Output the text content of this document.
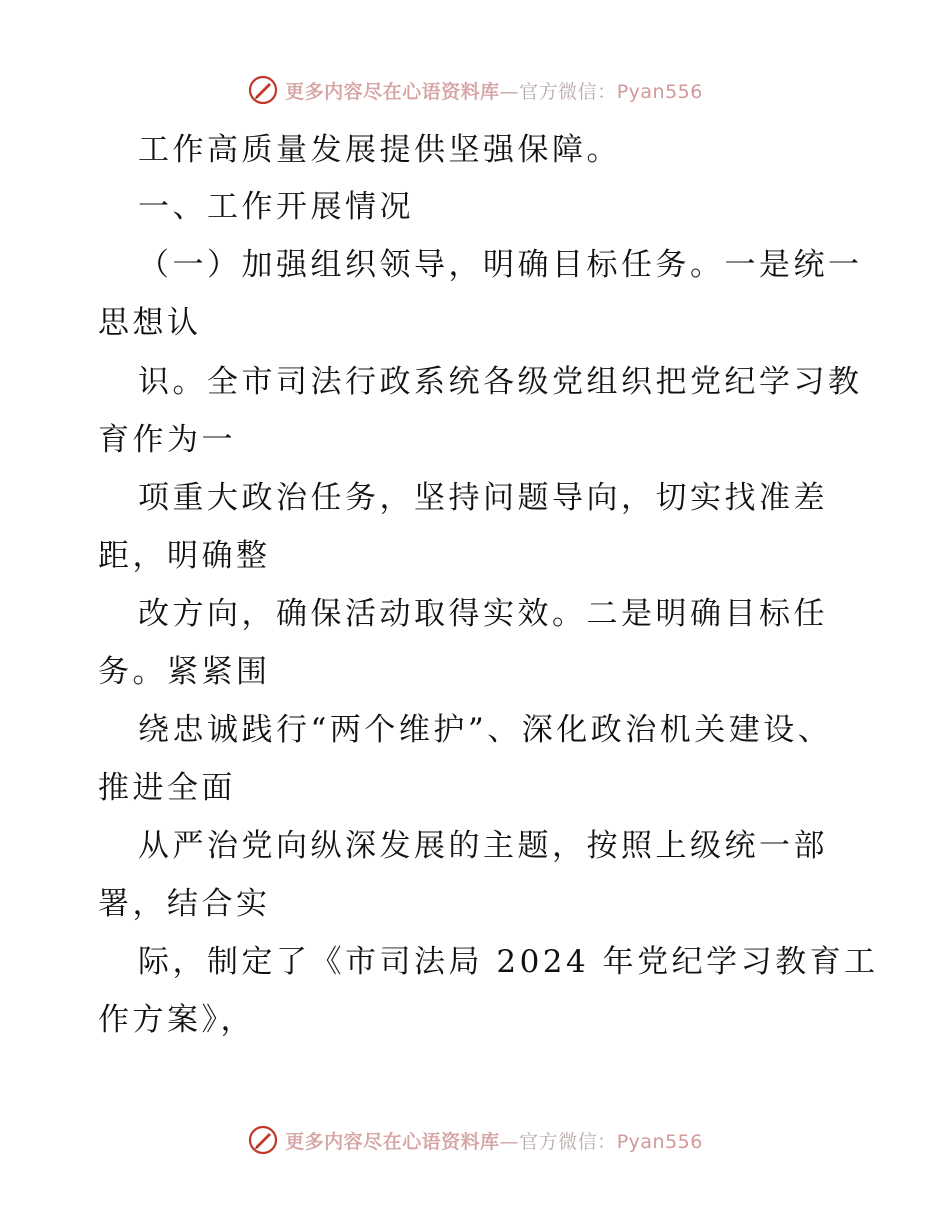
更多内容尽在心语资料库—官方微信：Pyan556
工作高质量发展提供坚强保障。
一、工作开展情况
（一）加强组织领导，明确目标任务。一是统一
思想认
识。全市司法行政系统各级党组织把党纪学习教
育作为一
项重大政治任务，坚持问题导向，切实找准差
距，明确整
改方向，确保活动取得实效。二是明确目标任
务。紧紧围
绕忠诚践行“两个维护”、深化政治机关建设、
推进全面
从严治党向纵深发展的主题，按照上级统一部
署，结合实
际，制定了《市司法局 2024 年党纪学习教育工
作方案》，
更多内容尽在心语资料库—官方微信：Pyan556
